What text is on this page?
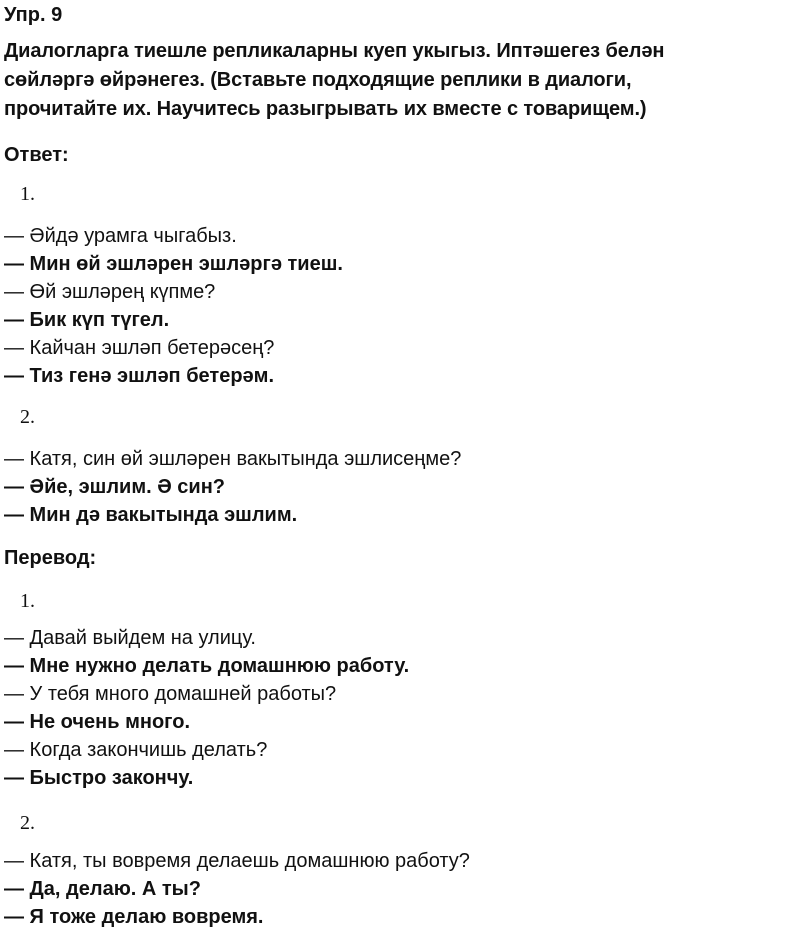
Упр. 9
Диалогларга тиешле репликаларны куеп укыгыз. Иптәшегез белән
сөйләргә өйрәнегез. (Вставьте подходящие реплики в диалоги,
прочитайте их. Научитесь разыгрывать их вместе с товарищем.)
Ответ:
1.
— Әйдә урамга чыгабыз.
— Мин өй эшләрен эшләргә тиеш.
— Өй эшләрең күпме?
— Бик күп түгел.
— Кайчан эшләп бетерәсең?
— Тиз генә эшләп бетерәм.
2.
— Катя, син өй эшләрен вакытында эшлисеңме?
— Әйе, эшлим. Ә син?
— Мин дә вакытында эшлим.
Перевод:
1.
— Давай выйдем на улицу.
— Мне нужно делать домашнюю работу.
— У тебя много домашней работы?
— Не очень много.
— Когда закончишь делать?
— Быстро закончу.
2.
— Катя, ты вовремя делаешь домашнюю работу?
— Да, делаю. А ты?
— Я тоже делаю вовремя.
